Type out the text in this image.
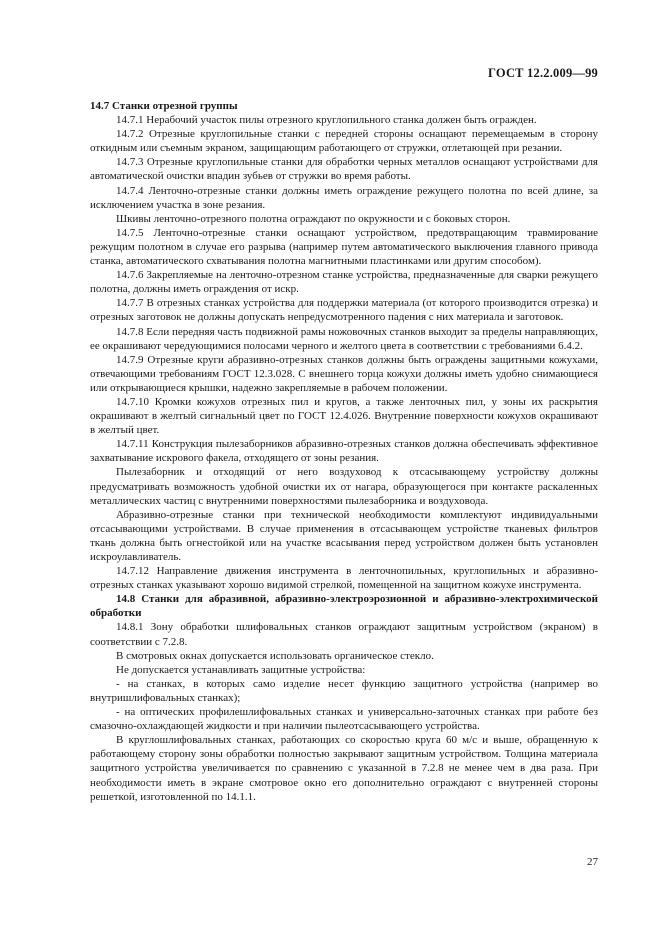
ГОСТ 12.2.009—99

14.7 Станки отрезной группы

14.7.1 Нерабочий участок пилы отрезного круглопильного станка должен быть огражден.

14.7.2 Отрезные круглопильные станки с передней стороны оснащают перемещаемым в сторону откидным или съемным экраном, защищающим работающего от стружки, отлетающей при резании.

14.7.3 Отрезные круглопильные станки для обработки черных металлов оснащают устройствами для автоматической очистки впадин зубьев от стружки во время работы.

14.7.4 Ленточно-отрезные станки должны иметь ограждение режущего полотна по всей длине, за исключением участка в зоне резания.

Шкивы ленточно-отрезного полотна ограждают по окружности и с боковых сторон.

14.7.5 Ленточно-отрезные станки оснащают устройством, предотвращающим травмирование режущим полотном в случае его разрыва (например путем автоматического выключения главного привода станка, автоматического схватывания полотна магнитными пластинками или другим способом).

14.7.6 Закрепляемые на ленточно-отрезном станке устройства, предназначенные для сварки режущего полотна, должны иметь ограждения от искр.

14.7.7 В отрезных станках устройства для поддержки материала (от которого производится отрезка) и отрезных заготовок не должны допускать непредусмотренного падения с них материала и заготовок.

14.7.8 Если передняя часть подвижной рамы ножовочных станков выходит за пределы направляющих, ее окрашивают чередующимися полосами черного и желтого цвета в соответствии с требованиями 6.4.2.

14.7.9 Отрезные круги абразивно-отрезных станков должны быть ограждены защитными кожухами, отвечающими требованиям ГОСТ 12.3.028. С внешнего торца кожухи должны иметь удобно снимающиеся или открывающиеся крышки, надежно закрепляемые в рабочем положении.

14.7.10 Кромки кожухов отрезных пил и кругов, а также ленточных пил, у зоны их раскрытия окрашивают в желтый сигнальный цвет по ГОСТ 12.4.026. Внутренние поверхности кожухов окрашивают в желтый цвет.

14.7.11 Конструкция пылезаборников абразивно-отрезных станков должна обеспечивать эффективное захватывание искрового факела, отходящего от зоны резания.

Пылезаборник и отходящий от него воздуховод к отсасывающему устройству должны предусматривать возможность удобной очистки их от нагара, образующегося при контакте раскаленных металлических частиц с внутренними поверхностями пылезаборника и воздуховода.

Абразивно-отрезные станки при технической необходимости комплектуют индивидуальными отсасывающими устройствами. В случае применения в отсасывающем устройстве тканевых фильтров ткань должна быть огнестойкой или на участке всасывания перед устройством должен быть установлен искроулавливатель.

14.7.12 Направление движения инструмента в ленточнопильных, круглопильных и абразивно-отрезных станках указывают хорошо видимой стрелкой, помещенной на защитном кожухе инструмента.

14.8 Станки для абразивной, абразивно-электроэрозионной и абразивно-электрохимической обработки

14.8.1 Зону обработки шлифовальных станков ограждают защитным устройством (экраном) в соответствии с 7.2.8.

В смотровых окнах допускается использовать органическое стекло.

Не допускается устанавливать защитные устройства:

- на станках, в которых само изделие несет функцию защитного устройства (например во внутришлифовальных станках);

- на оптических профилешлифовальных станках и универсально-заточных станках при работе без смазочно-охлаждающей жидкости и при наличии пылеотсасывающего устройства.

В круглошлифовальных станках, работающих со скоростью круга 60 м/с и выше, обращенную к работающему сторону зоны обработки полностью закрывают защитным устройством. Толщина материала защитного устройства увеличивается по сравнению с указанной в 7.2.8 не менее чем в два раза. При необходимости иметь в экране смотровое окно его дополнительно ограждают с внутренней стороны решеткой, изготовленной по 14.1.1.

27
